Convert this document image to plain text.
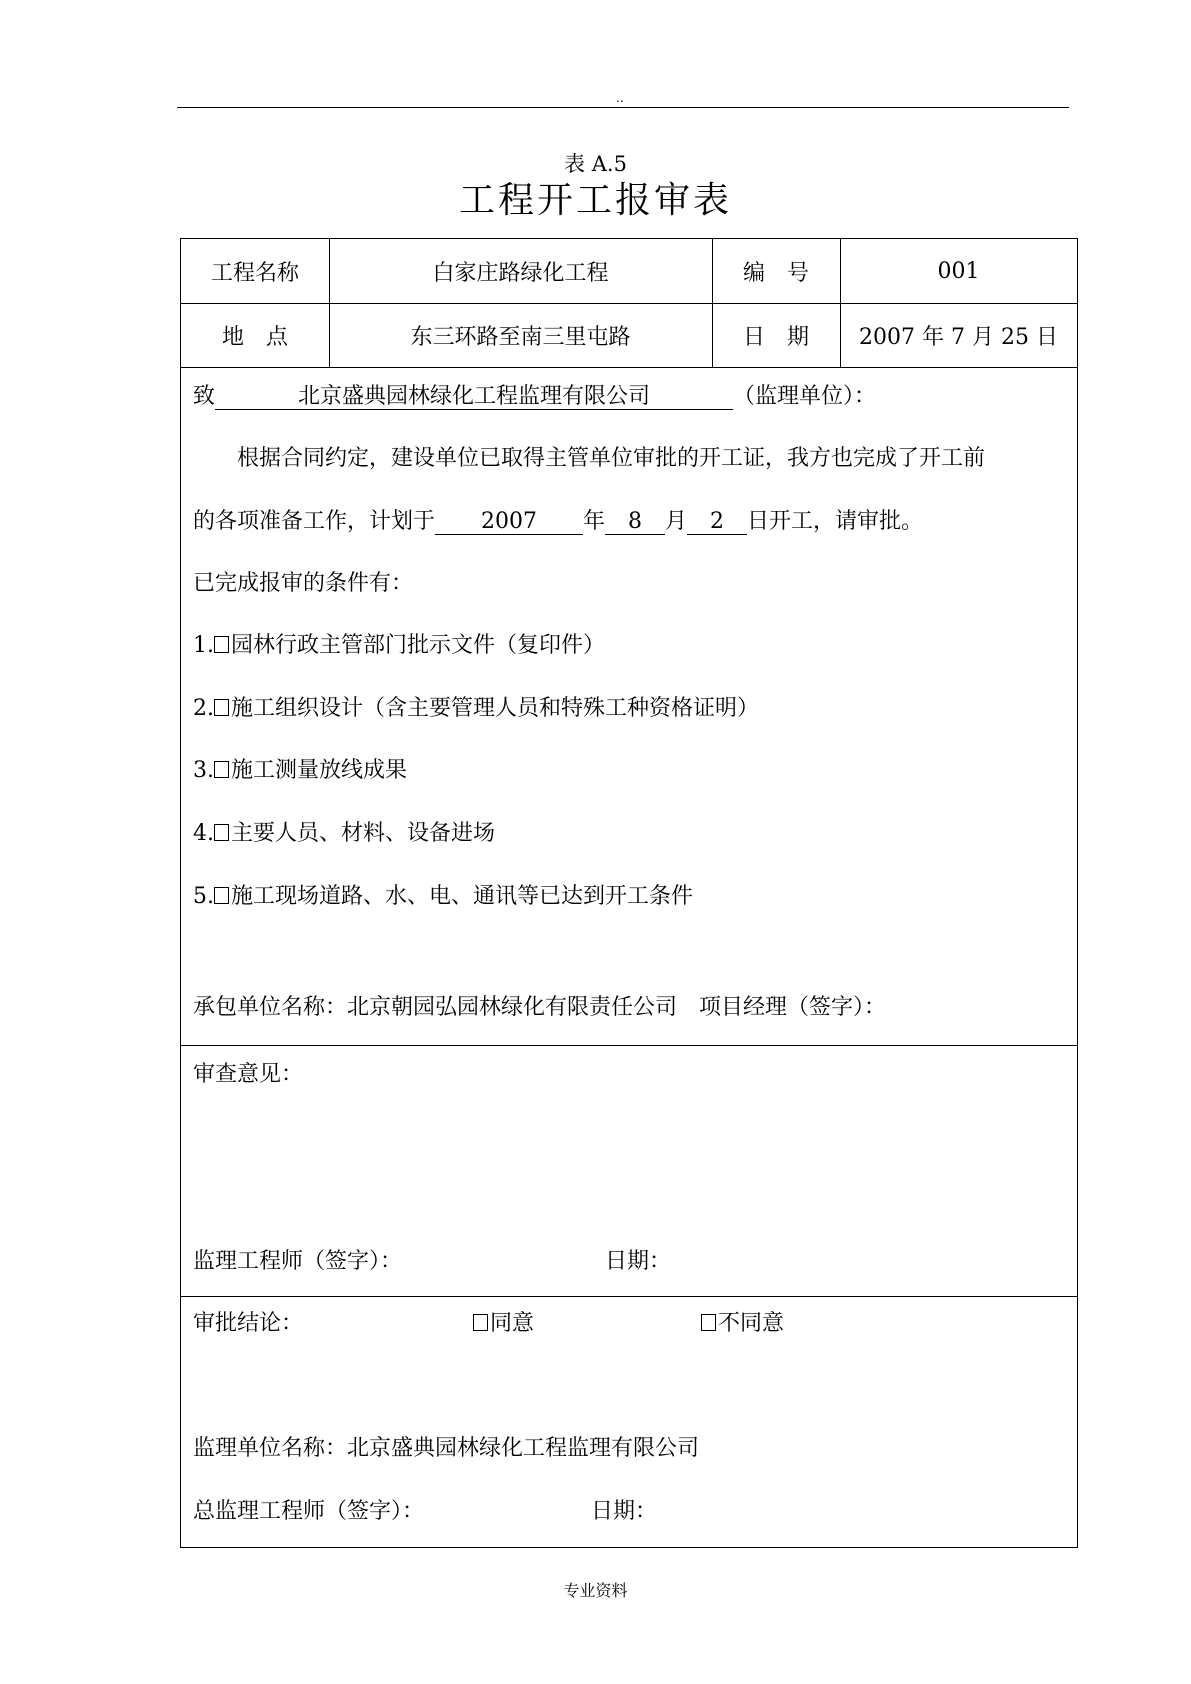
..
表 A.5
工程开工报审表
工程名称	白家庄路绿化工程	编　号	001
地　点	东三环路至南三里屯路	日　期	2007 年 7 月 25 日
致	北京盛典园林绿化工程监理有限公司	（监理单位）：
根据合同约定，建设单位已取得主管单位审批的开工证，我方也完成了开工前
的各项准备工作，计划于 2007 年 8 月 2 日开工，请审批。
已完成报审的条件有：
1. 园林行政主管部门批示文件（复印件）
2. 施工组织设计（含主要管理人员和特殊工种资格证明）
3. 施工测量放线成果
4. 主要人员、材料、设备进场
5. 施工现场道路、水、电、通讯等已达到开工条件
承包单位名称：北京朝园弘园林绿化有限责任公司　项目经理（签字）：
审查意见：
监理工程师（签字）：	日期：
审批结论：	同意	不同意
监理单位名称：北京盛典园林绿化工程监理有限公司
总监理工程师（签字）：	日期：
专业资料
